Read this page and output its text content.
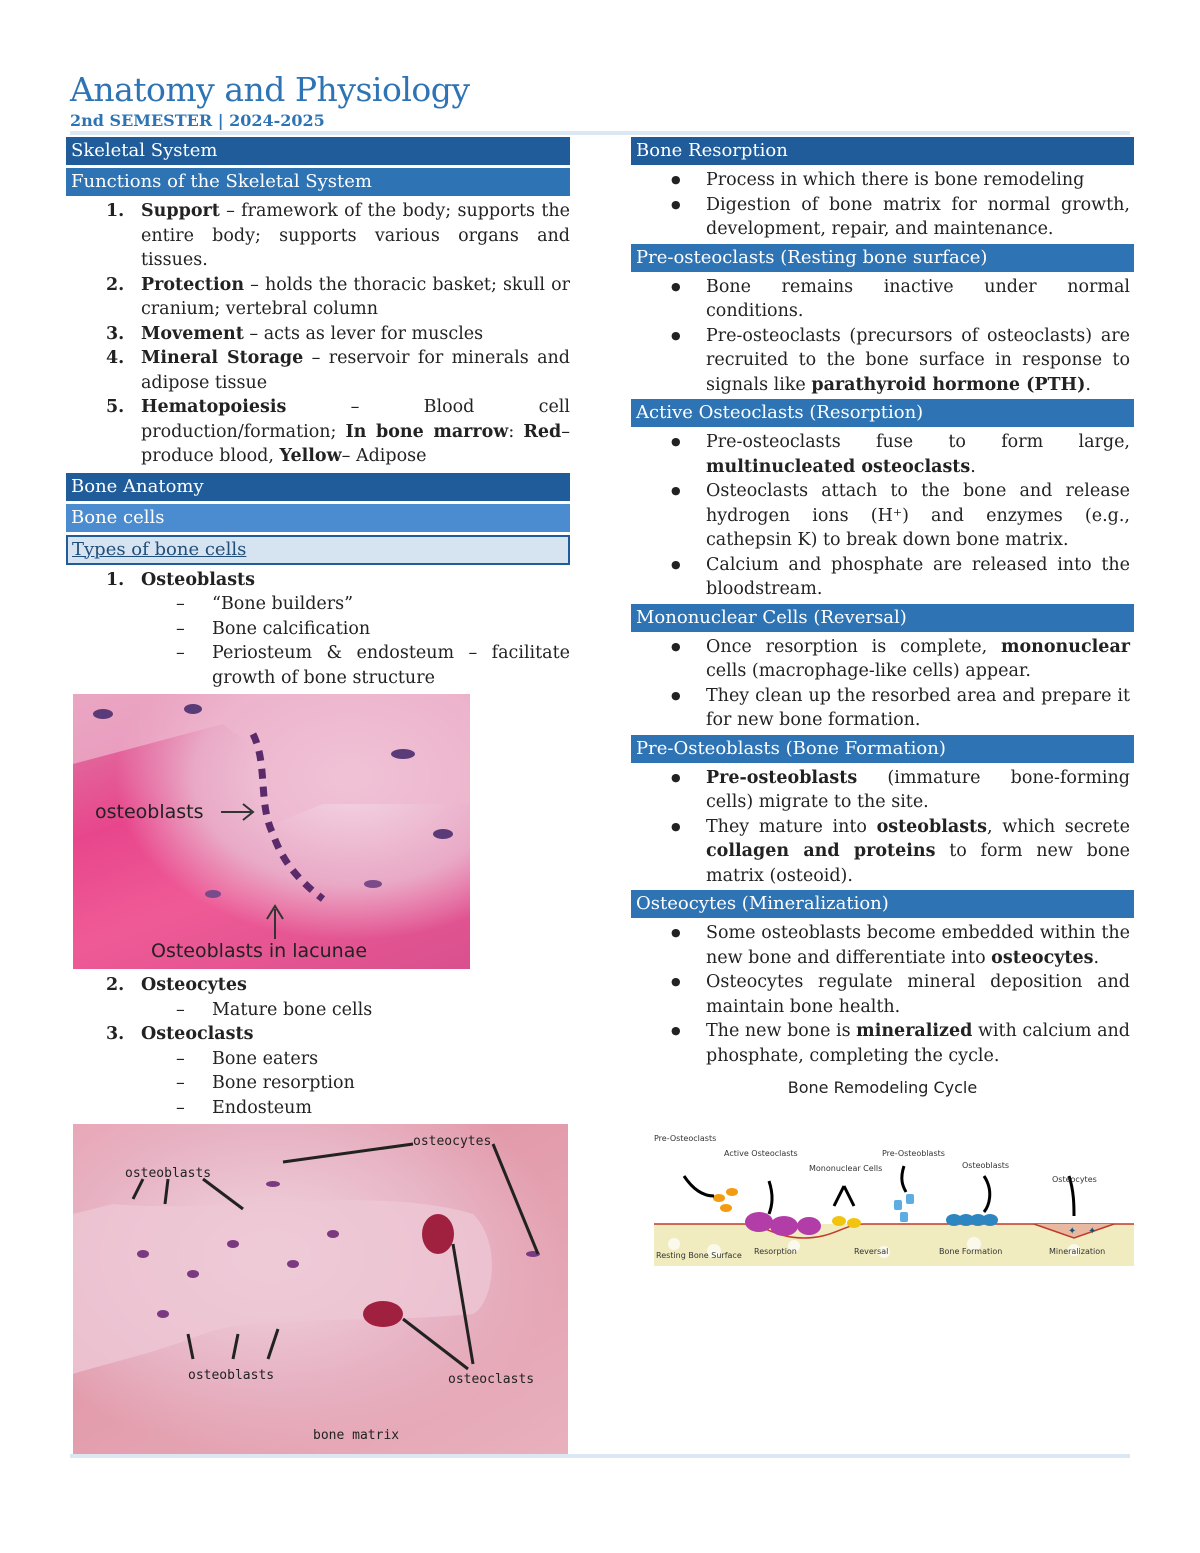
Anatomy and Physiology
2nd SEMESTER | 2024-2025
Skeletal System
Functions of the Skeletal System
1. Support – framework of the body; supports the entire body; supports various organs and tissues.
2. Protection – holds the thoracic basket; skull or cranium; vertebral column
3. Movement – acts as lever for muscles
4. Mineral Storage – reservoir for minerals and adipose tissue
5. Hematopoiesis – Blood cell production/formation; In bone marrow: Red– produce blood, Yellow– Adipose
Bone Anatomy
Bone cells
Types of bone cells
1. Osteoblasts
– “Bone builders”
– Bone calcification
– Periosteum & endosteum – facilitate growth of bone structure
osteoblasts
Osteoblasts in lacunae
2. Osteocytes
– Mature bone cells
3. Osteoclasts
– Bone eaters
– Bone resorption
– Endosteum
osteocytes
osteoblasts
osteoblasts	osteoclasts
bone matrix
Bone Resorption
● Process in which there is bone remodeling
● Digestion of bone matrix for normal growth, development, repair, and maintenance.
Pre-osteoclasts (Resting bone surface)
● Bone remains inactive under normal conditions.
● Pre-osteoclasts (precursors of osteoclasts) are recruited to the bone surface in response to signals like parathyroid hormone (PTH).
Active Osteoclasts (Resorption)
● Pre-osteoclasts fuse to form large, multinucleated osteoclasts.
● Osteoclasts attach to the bone and release hydrogen ions (H⁺) and enzymes (e.g., cathepsin K) to break down bone matrix.
● Calcium and phosphate are released into the bloodstream.
Mononuclear Cells (Reversal)
● Once resorption is complete, mononuclear cells (macrophage-like cells) appear.
● They clean up the resorbed area and prepare it for new bone formation.
Pre-Osteoblasts (Bone Formation)
● Pre-osteoblasts (immature bone-forming cells) migrate to the site.
● They mature into osteoblasts, which secrete collagen and proteins to form new bone matrix (osteoid).
Osteocytes (Mineralization)
● Some osteoblasts become embedded within the new bone and differentiate into osteocytes.
● Osteocytes regulate mineral deposition and maintain bone health.
● The new bone is mineralized with calcium and phosphate, completing the cycle.
Bone Remodeling Cycle
✦ ✦
Pre-Osteoclasts
Active Osteoclasts
Mononuclear Cells
Pre-Osteoblasts
Osteoblasts
Osteocytes
Resting Bone Surface Resorption	Reversal	Bone Formation	Mineralization
